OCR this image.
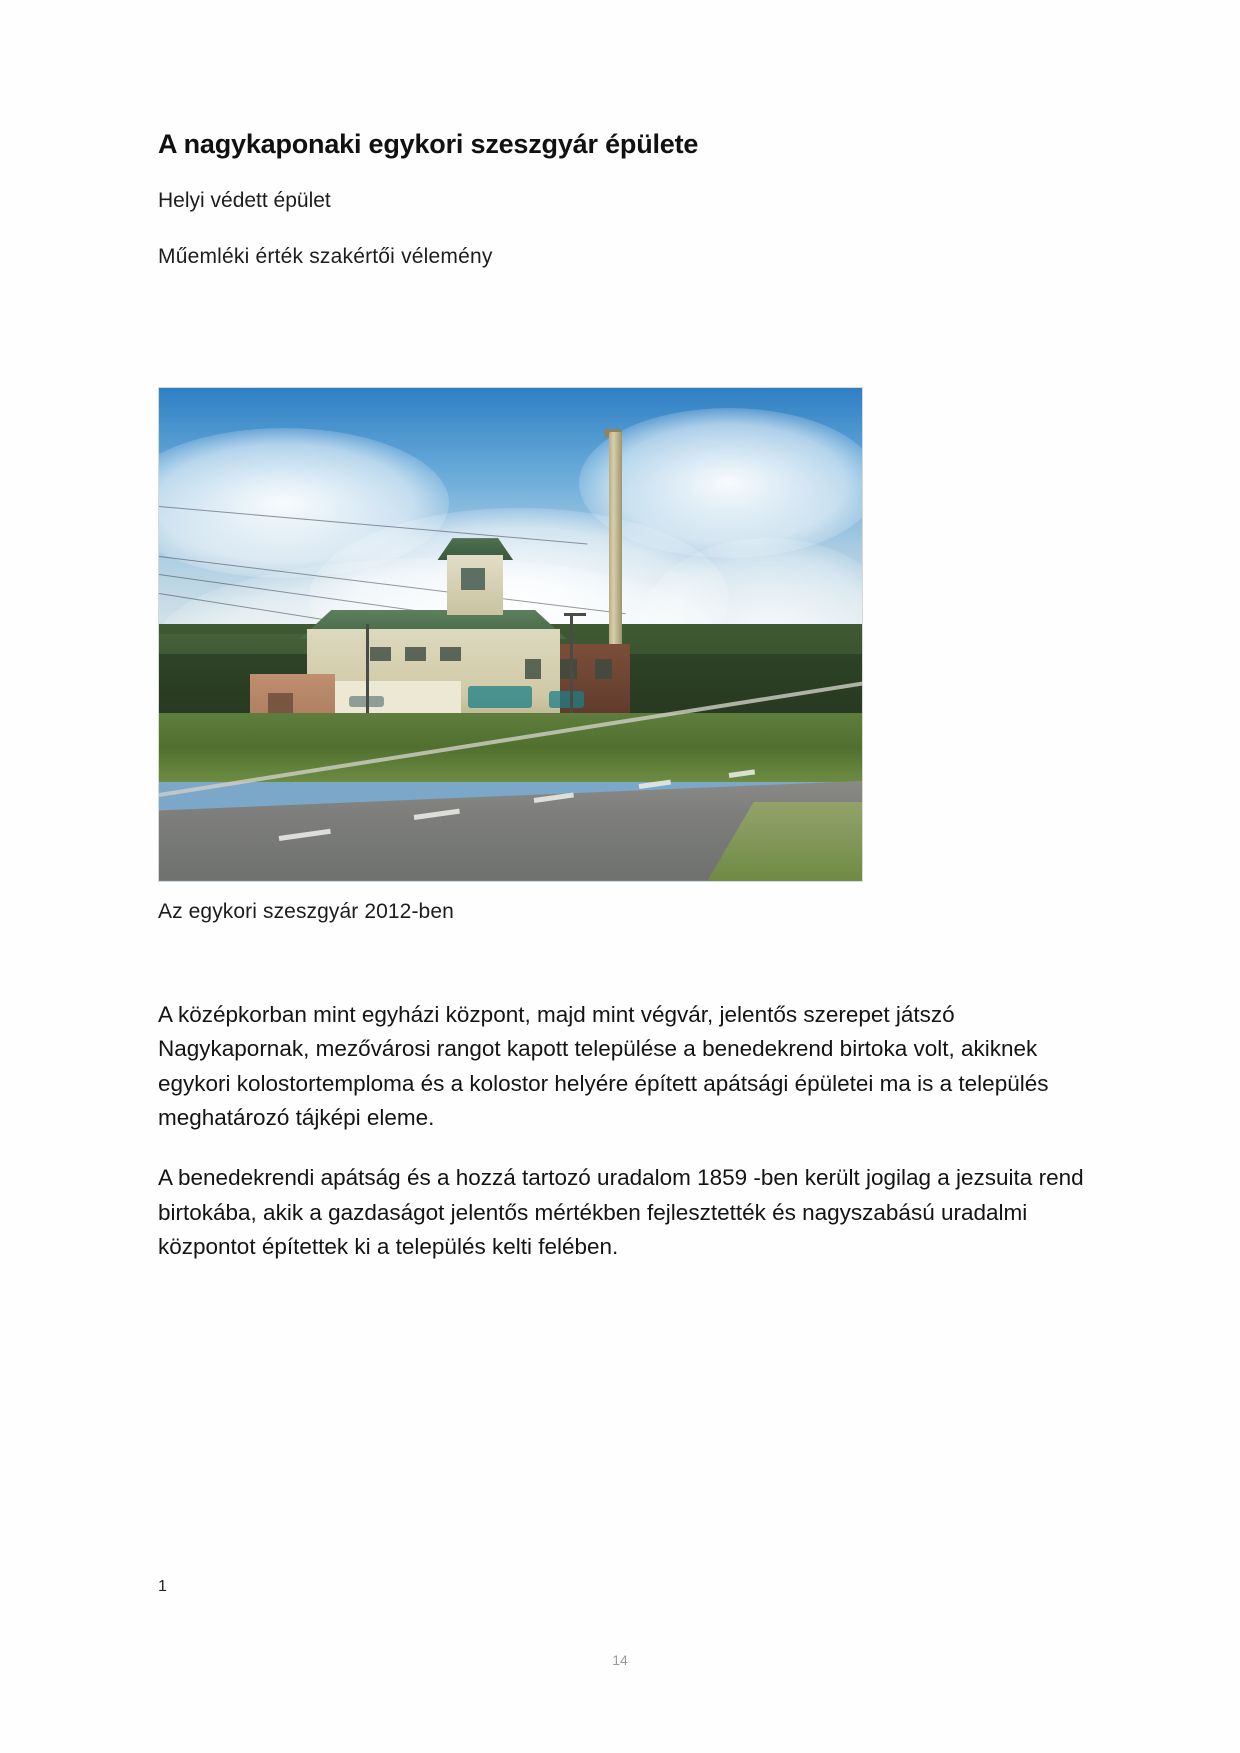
A nagykaponaki egykori szeszgyár épülete
Helyi védett épület
Műemléki érték szakértői vélemény
Az egykori szeszgyár 2012-ben

A középkorban mint egyházi központ, majd mint végvár, jelentős szerepet játszó Nagykapornak, mezővárosi rangot kapott települése a benedekrend birtoka volt, akiknek egykori kolostortemploma és a kolostor helyére épített apátsági épületei ma is a település meghatározó tájképi eleme.

A benedekrendi apátság és a hozzá tartozó uradalom 1859 -ben került jogilag a jezsuita rend birtokába, akik a gazdaságot jelentős mértékben fejlesztették és nagyszabású uradalmi központot építettek ki a település kelti felében.

1
14
